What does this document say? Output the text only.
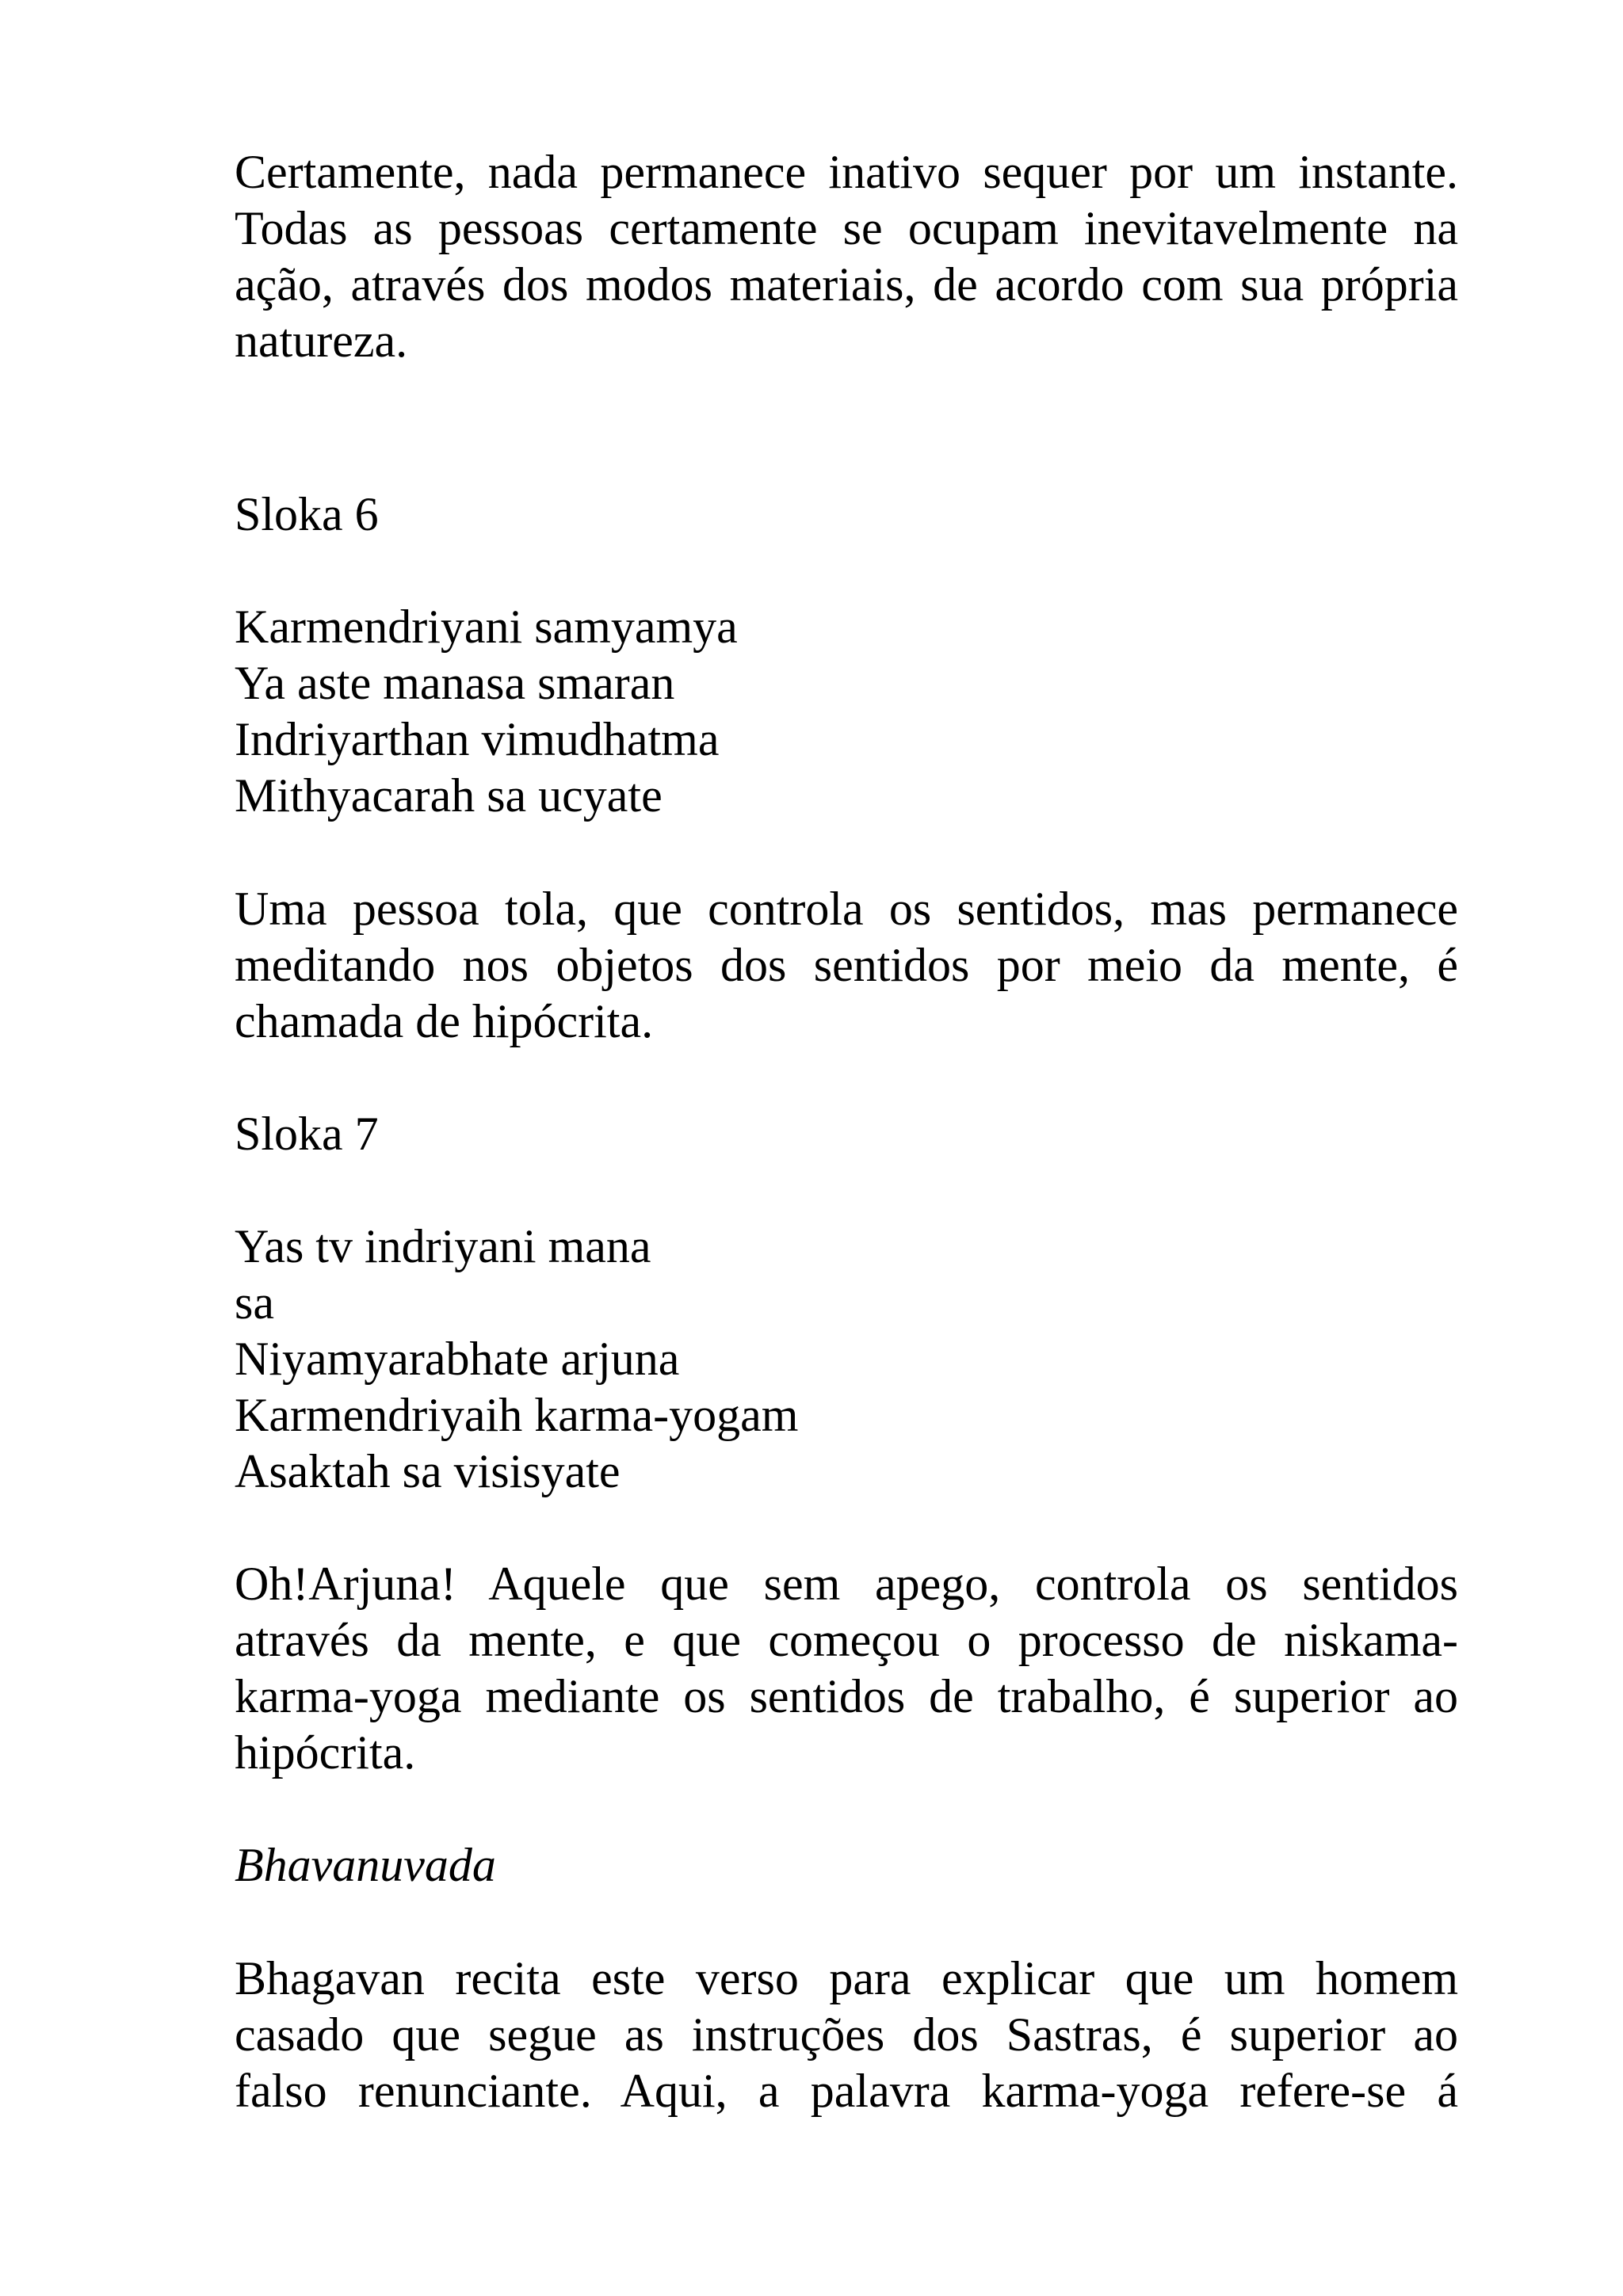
Certamente, nada permanece inativo sequer por um instante.
Todas as pessoas certamente se ocupam inevitavelmente na
ação, através dos modos materiais, de acordo com sua própria
natureza.
Sloka 6
Karmendriyani samyamya
Ya aste manasa smaran
Indriyarthan vimudhatma
Mithyacarah sa ucyate
Uma pessoa tola, que controla os sentidos, mas permanece
meditando nos objetos dos sentidos por meio da mente, é
chamada de hipócrita.
Sloka 7
Yas tv indriyani mana
sa
Niyamyarabhate arjuna
Karmendriyaih karma-yogam
Asaktah sa visisyate
Oh!Arjuna! Aquele que sem apego, controla os sentidos
através da mente, e que começou o processo de niskama-
karma-yoga mediante os sentidos de trabalho, é superior ao
hipócrita.
Bhavanuvada
Bhagavan recita este verso para explicar que um homem
casado que segue as instruções dos Sastras, é superior ao
falso renunciante. Aqui, a palavra karma-yoga refere-se á
